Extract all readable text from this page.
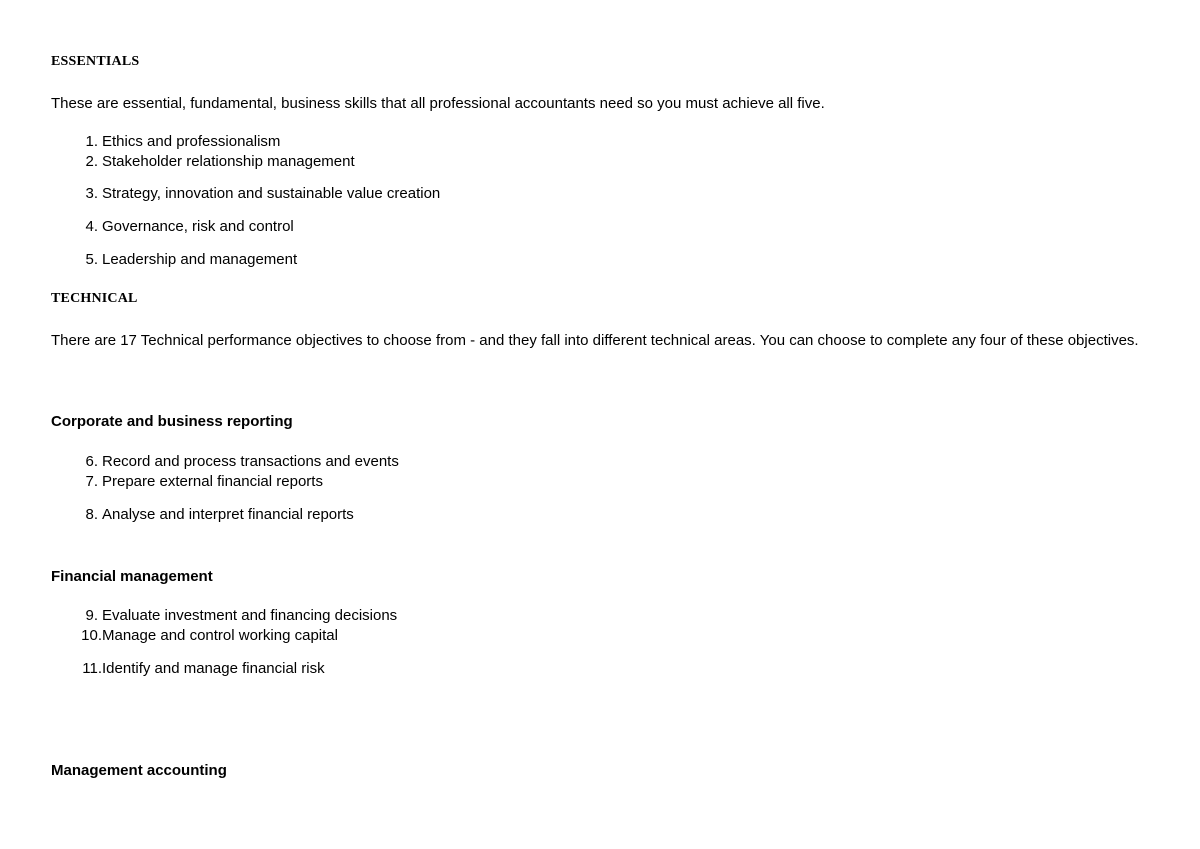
ESSENTIALS

These are essential, fundamental, business skills that all professional accountants need so you must achieve all five.

1. Ethics and professionalism
2. Stakeholder relationship management
3. Strategy, innovation and sustainable value creation
4. Governance, risk and control
5. Leadership and management
TECHNICAL

There are 17 Technical performance objectives to choose from - and they fall into different technical areas. You can choose to complete any four of these objectives.

Corporate and business reporting
6. Record and process transactions and events
7. Prepare external financial reports
8. Analyse and interpret financial reports
Financial management
9. Evaluate investment and financing decisions
10.Manage and control working capital
11.Identify and manage financial risk
Management accounting
